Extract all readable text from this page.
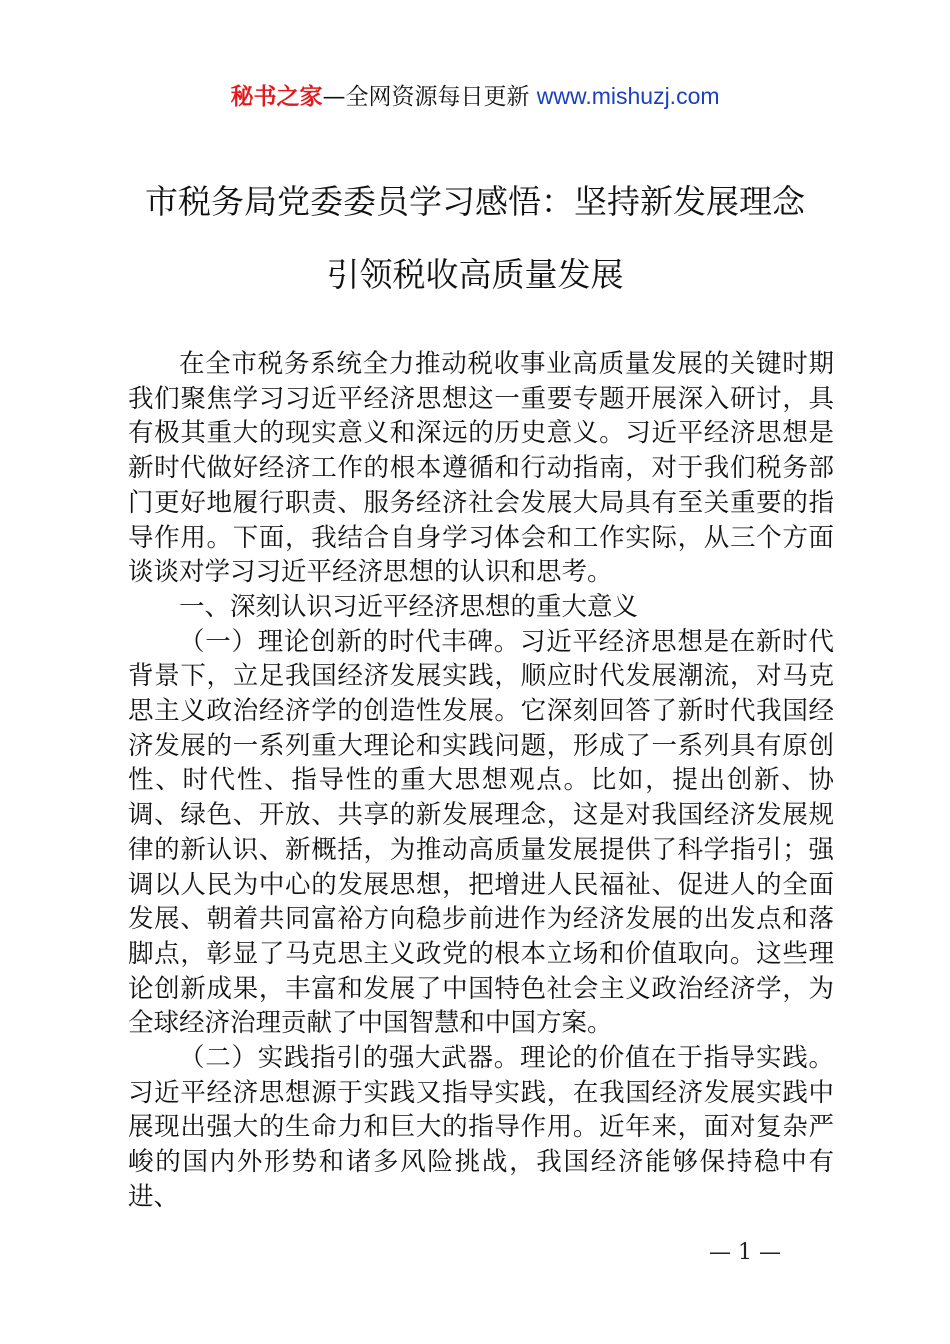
秘书之家—全网资源每日更新 www.mishuzj.com
市税务局党委委员学习感悟：坚持新发展理念
引领税收高质量发展

在全市税务系统全力推动税收事业高质量发展的关键时期我们聚焦学习习近平经济思想这一重要专题开展深入研讨，具有极其重大的现实意义和深远的历史意义。习近平经济思想是新时代做好经济工作的根本遵循和行动指南，对于我们税务部门更好地履行职责、服务经济社会发展大局具有至关重要的指导作用。下面，我结合自身学习体会和工作实际，从三个方面谈谈对学习习近平经济思想的认识和思考。

一、深刻认识习近平经济思想的重大意义

（一）理论创新的时代丰碑。习近平经济思想是在新时代背景下，立足我国经济发展实践，顺应时代发展潮流，对马克思主义政治经济学的创造性发展。它深刻回答了新时代我国经济发展的一系列重大理论和实践问题，形成了一系列具有原创性、时代性、指导性的重大思想观点。比如，提出创新、协调、绿色、开放、共享的新发展理念，这是对我国经济发展规律的新认识、新概括，为推动高质量发展提供了科学指引；强调以人民为中心的发展思想，把增进人民福祉、促进人的全面发展、朝着共同富裕方向稳步前进作为经济发展的出发点和落脚点，彰显了马克思主义政党的根本立场和价值取向。这些理论创新成果，丰富和发展了中国特色社会主义政治经济学，为全球经济治理贡献了中国智慧和中国方案。

（二）实践指引的强大武器。理论的价值在于指导实践。习近平经济思想源于实践又指导实践，在我国经济发展实践中展现出强大的生命力和巨大的指导作用。近年来，面对复杂严峻的国内外形势和诸多风险挑战，我国经济能够保持稳中有进、

— 1 —
